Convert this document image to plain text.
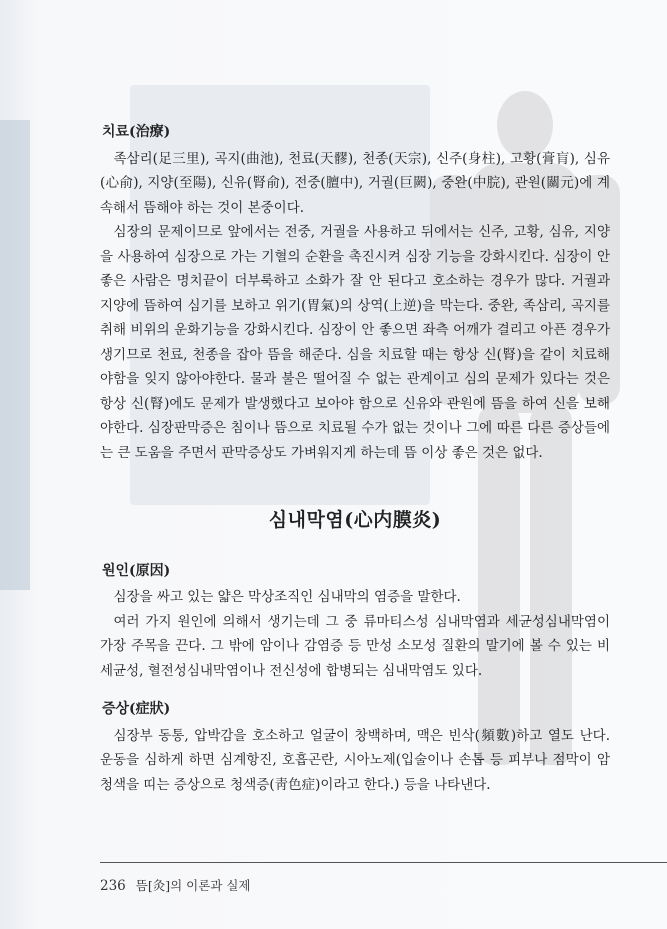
치료(治療)

족삼리(足三里), 곡지(曲池), 천료(天髎), 천종(天宗), 신주(身柱), 고황(膏肓), 심유(心俞), 지양(至陽), 신유(腎俞), 전중(膻中), 거궐(巨闕), 중완(中脘), 관원(關元)에 계속해서 뜸해야 하는 것이 본중이다.

심장의 문제이므로 앞에서는 전중, 거궐을 사용하고 뒤에서는 신주, 고황, 심유, 지양을 사용하여 심장으로 가는 기혈의 순환을 촉진시켜 심장 기능을 강화시킨다. 심장이 안 좋은 사람은 명치끝이 더부룩하고 소화가 잘 안 된다고 호소하는 경우가 많다. 거궐과 지양에 뜸하여 심기를 보하고 위기(胃氣)의 상역(上逆)을 막는다. 중완, 족삼리, 곡지를 취해 비위의 운화기능을 강화시킨다. 심장이 안 좋으면 좌측 어깨가 결리고 아픈 경우가 생기므로 천료, 천종을 잡아 뜸을 해준다. 심을 치료할 때는 항상 신(腎)을 같이 치료해야함을 잊지 않아야한다. 물과 불은 떨어질 수 없는 관계이고 심의 문제가 있다는 것은 항상 신(腎)에도 문제가 발생했다고 보아야 함으로 신유와 관원에 뜸을 하여 신을 보해야한다. 심장판막증은 침이나 뜸으로 치료될 수가 없는 것이나 그에 따른 다른 증상들에는 큰 도움을 주면서 판막증상도 가벼워지게 하는데 뜸 이상 좋은 것은 없다.

심내막염(心内膜炎)
원인(原因)

심장을 싸고 있는 얇은 막상조직인 심내막의 염증을 말한다.

여러 가지 원인에 의해서 생기는데 그 중 류마티스성 심내막염과 세균성심내막염이 가장 주목을 끈다. 그 밖에 암이나 감염증 등 만성 소모성 질환의 말기에 볼 수 있는 비세균성, 혈전성심내막염이나 전신성에 합병되는 심내막염도 있다.

증상(症狀)

심장부 동통, 압박감을 호소하고 얼굴이 창백하며, 맥은 빈삭(頻數)하고 열도 난다. 운동을 심하게 하면 심계항진, 호흡곤란, 시아노제(입술이나 손톱 등 피부나 점막이 암청색을 띠는 증상으로 청색증(靑色症)이라고 한다.) 등을 나타낸다.

236 뜸[灸]의 이론과 실제
